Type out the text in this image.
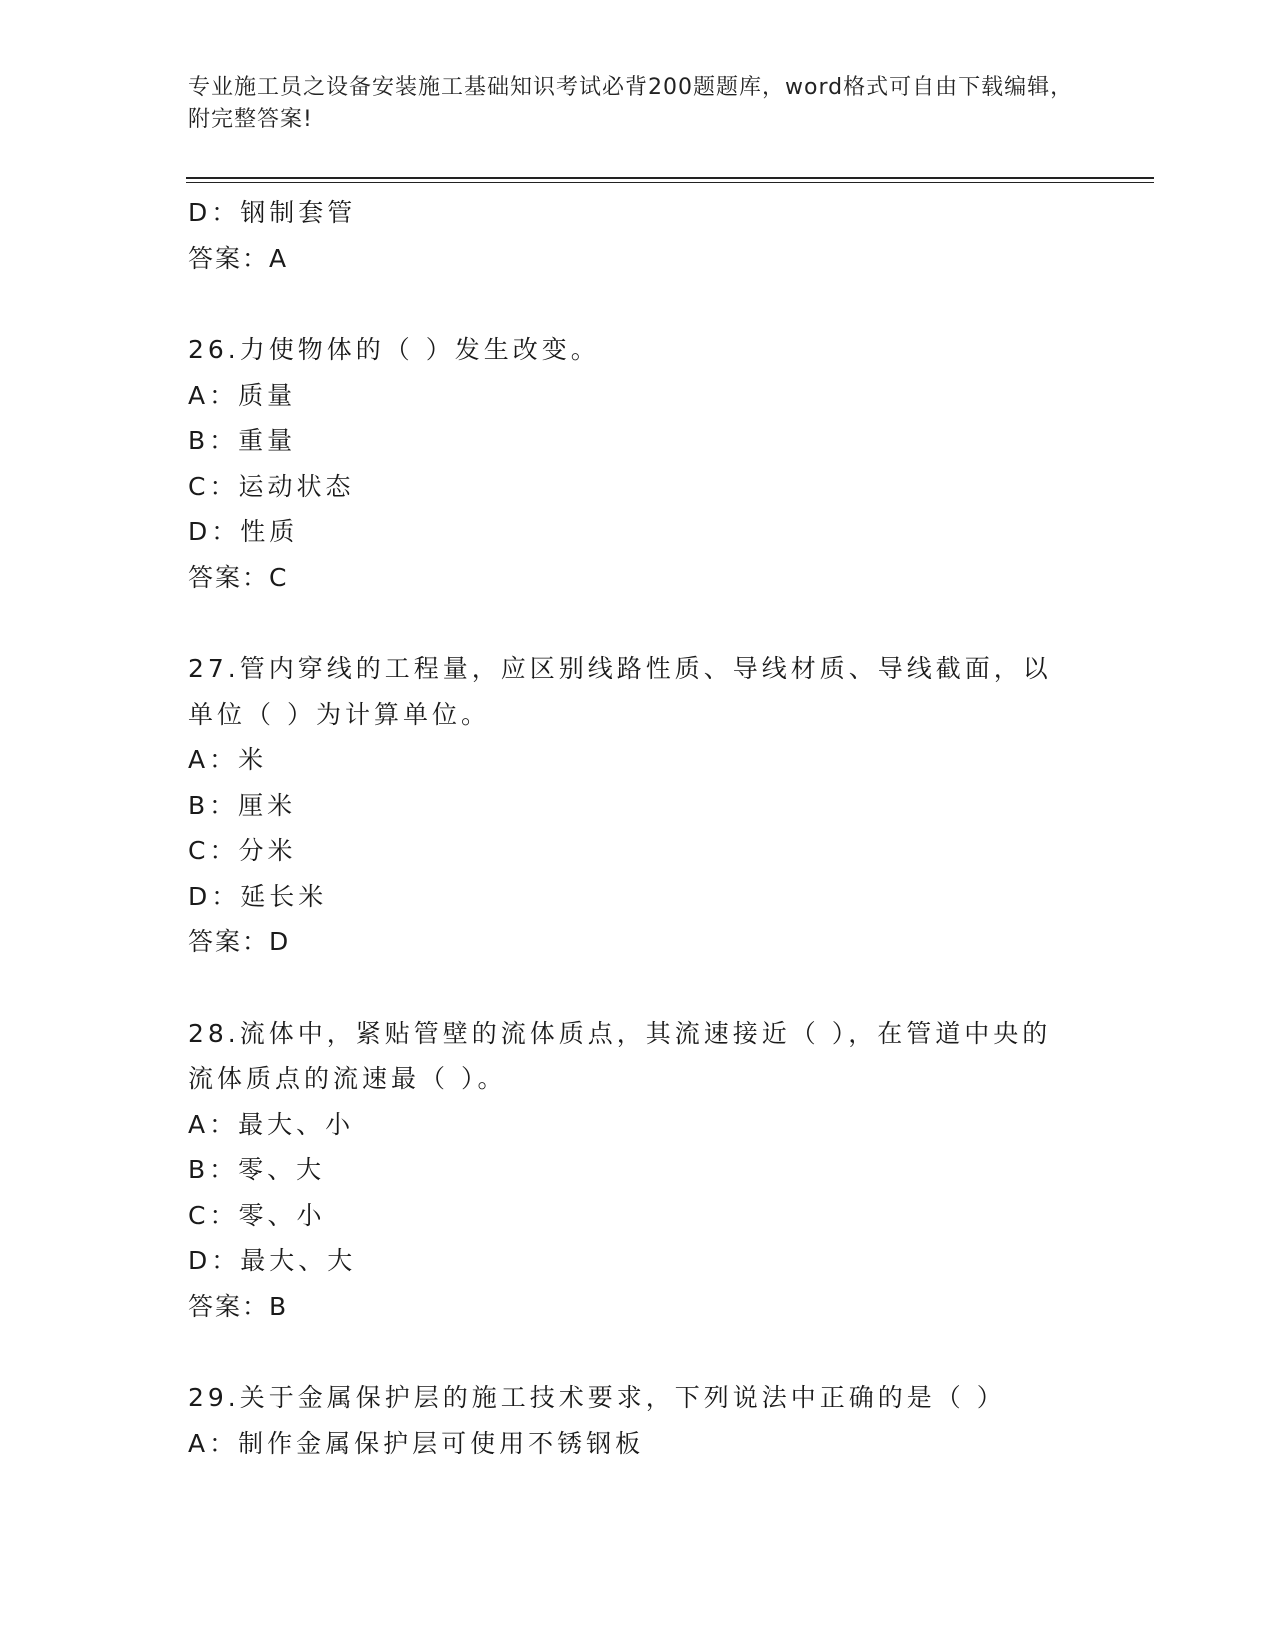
专业施工员之设备安装施工基础知识考试必背200题题库，word格式可自由下载编辑，附完整答案!
D：钢制套管
答案：A
26.力使物体的（ ）发生改变。
A：质量
B：重量
C：运动状态
D：性质
答案：C
27.管内穿线的工程量，应区别线路性质、导线材质、导线截面，以单位（ ）为计算单位。
A：米
B：厘米
C：分米
D：延长米
答案：D
28.流体中，紧贴管壁的流体质点，其流速接近（ ），在管道中央的流体质点的流速最（ ）。
A：最大、小
B：零、大
C：零、小
D：最大、大
答案：B
29.关于金属保护层的施工技术要求，下列说法中正确的是（ ）
A：制作金属保护层可使用不锈钢板
